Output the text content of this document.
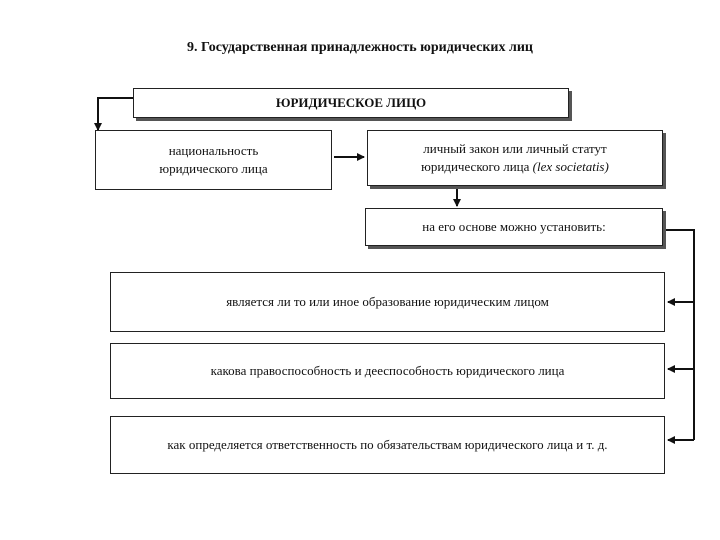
9. Государственная принадлежность юридических лиц
ЮРИДИЧЕСКОЕ ЛИЦО
национальность
юридического лица
личный закон или личный статут
юридического лица (lex societatis)
на его основе можно установить:
является ли то или иное образование юридическим лицом
какова правоспособность и дееспособность юридического лица
как определяется ответственность по обязательствам юридического лица и т. д.
